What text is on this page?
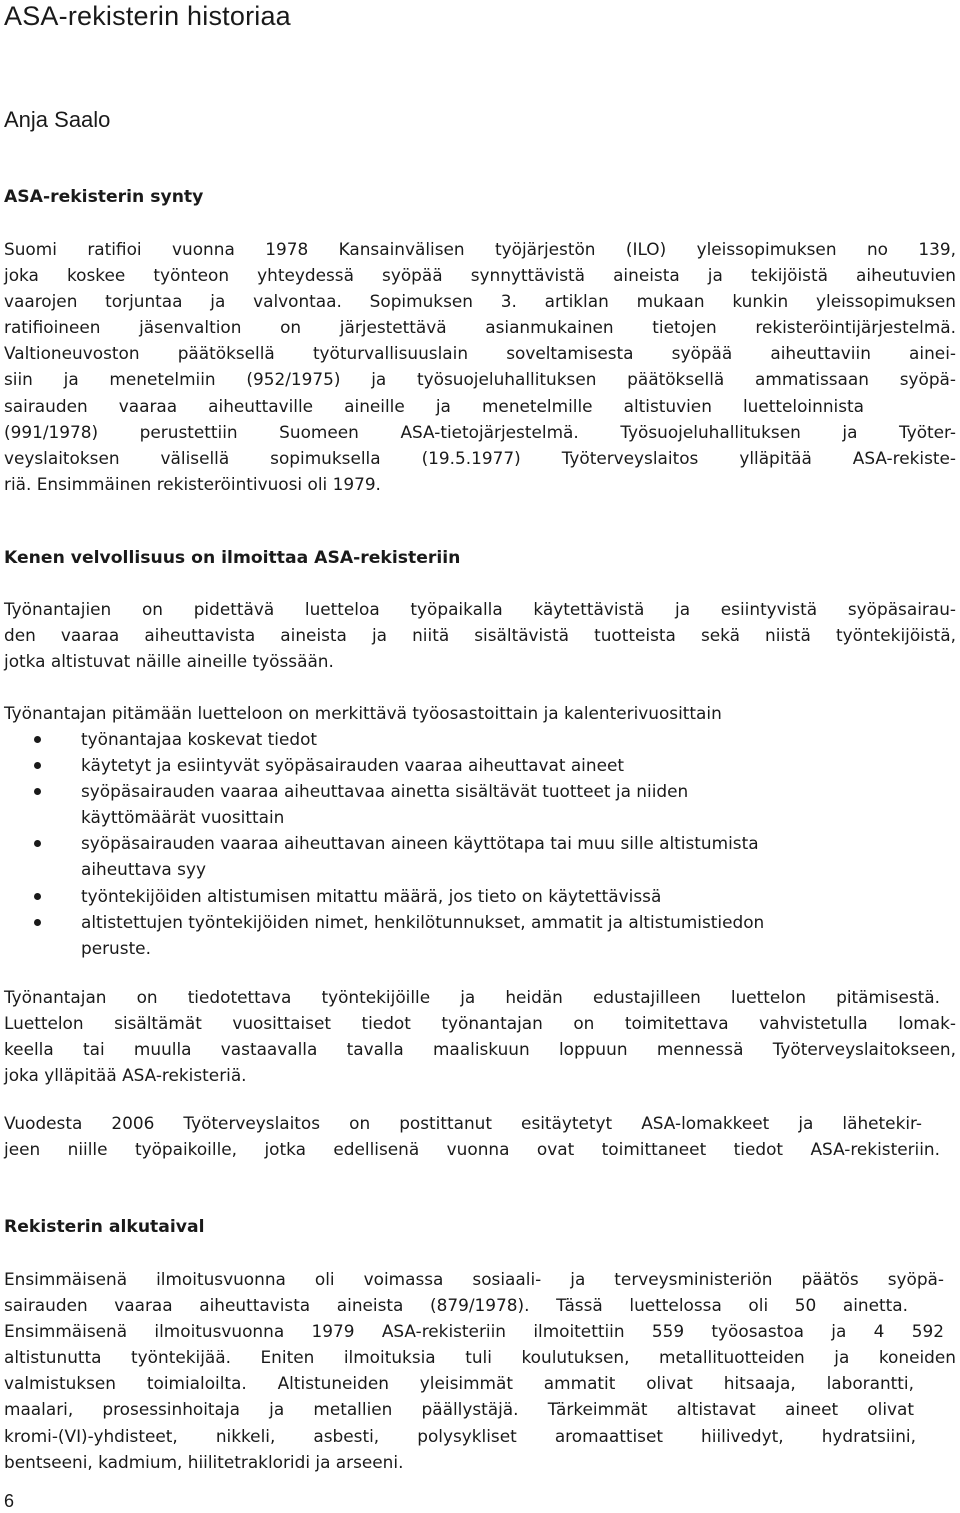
ASA-rekisterin historiaa

Anja Saalo

ASA-rekisterin synty

Suomi ratifioi vuonna 1978 Kansainvälisen työjärjestön (ILO) yleissopimuksen no 139,
joka koskee työnteon yhteydessä syöpää synnyttävistä aineista ja tekijöistä aiheutuvien
vaarojen torjuntaa ja valvontaa. Sopimuksen 3. artiklan mukaan kunkin yleissopimuksen
ratifioineen jäsenvaltion on järjestettävä asianmukainen tietojen rekisteröintijärjestelmä.
Valtioneuvoston päätöksellä työturvallisuuslain soveltamisesta syöpää aiheuttaviin ainei-
siin ja menetelmiin (952/1975) ja työsuojeluhallituksen päätöksellä ammatissaan syöpä-
sairauden vaaraa aiheuttaville aineille ja menetelmille altistuvien luetteloinnista
(991/1978) perustettiin Suomeen ASA-tietojärjestelmä. Työsuojeluhallituksen ja Työter-
veyslaitoksen välisellä sopimuksella (19.5.1977) Työterveyslaitos ylläpitää ASA-rekiste-
riä. Ensimmäinen rekisteröintivuosi oli 1979.

Kenen velvollisuus on ilmoittaa ASA-rekisteriin

Työnantajien on pidettävä luetteloa työpaikalla käytettävistä ja esiintyvistä syöpäsairau-
den vaaraa aiheuttavista aineista ja niitä sisältävistä tuotteista sekä niistä työntekijöistä,
jotka altistuvat näille aineille työssään.

Työnantajan pitämään luetteloon on merkittävä työosastoittain ja kalenterivuosittain

työnantajaa koskevat tiedot
käytetyt ja esiintyvät syöpäsairauden vaaraa aiheuttavat aineet
syöpäsairauden vaaraa aiheuttavaa ainetta sisältävät tuotteet ja niiden
käyttömäärät vuosittain
syöpäsairauden vaaraa aiheuttavan aineen käyttötapa tai muu sille altistumista
aiheuttava syy
työntekijöiden altistumisen mitattu määrä, jos tieto on käytettävissä
altistettujen työntekijöiden nimet, henkilötunnukset, ammatit ja altistumistiedon
peruste.

Työnantajan on tiedotettava työntekijöille ja heidän edustajilleen luettelon pitämisestä.
Luettelon sisältämät vuosittaiset tiedot työnantajan on toimitettava vahvistetulla lomak-
keella tai muulla vastaavalla tavalla maaliskuun loppuun mennessä Työterveyslaitokseen,
joka ylläpitää ASA-rekisteriä.

Vuodesta 2006 Työterveyslaitos on postittanut esitäytetyt ASA-lomakkeet ja lähetekir-
jeen niille työpaikoille, jotka edellisenä vuonna ovat toimittaneet tiedot ASA-rekisteriin.

Rekisterin alkutaival

Ensimmäisenä ilmoitusvuonna oli voimassa sosiaali- ja terveysministeriön päätös syöpä-
sairauden vaaraa aiheuttavista aineista (879/1978). Tässä luettelossa oli 50 ainetta.
Ensimmäisenä ilmoitusvuonna 1979 ASA-rekisteriin ilmoitettiin 559 työosastoa ja 4 592
altistunutta työntekijää. Eniten ilmoituksia tuli koulutuksen, metallituotteiden ja koneiden
valmistuksen toimialoilta. Altistuneiden yleisimmät ammatit olivat hitsaaja, laborantti,
maalari, prosessinhoitaja ja metallien päällystäjä. Tärkeimmät altistavat aineet olivat
kromi-(VI)-yhdisteet, nikkeli, asbesti, polysykliset aromaattiset hiilivedyt, hydratsiini,
bentseeni, kadmium, hiilitetrakloridi ja arseeni.

6
